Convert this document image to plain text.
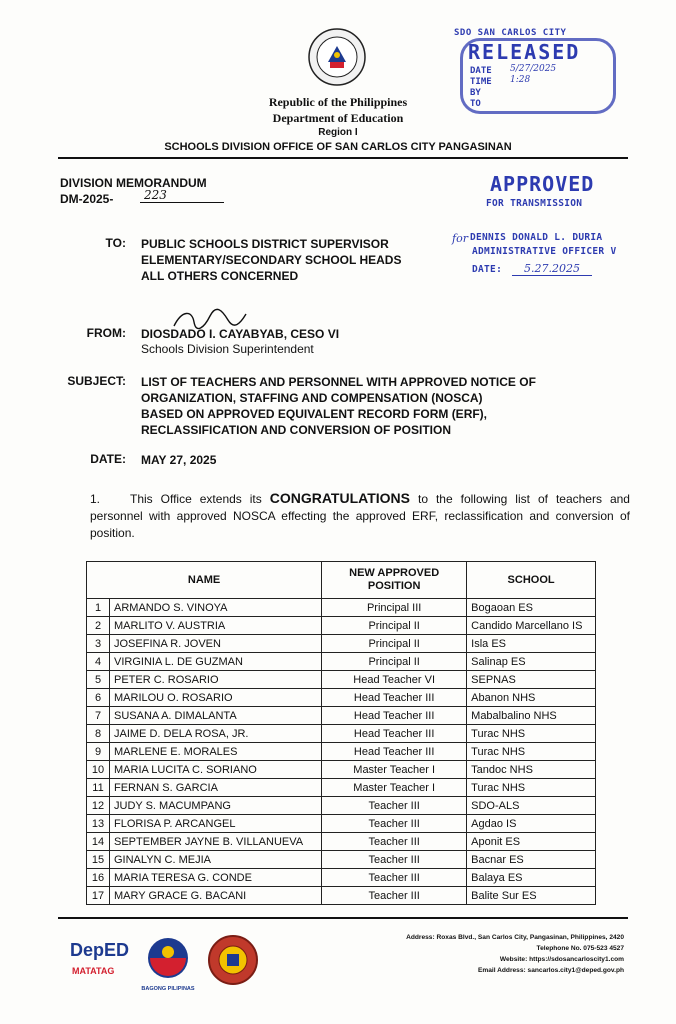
Republic of the Philippines
Department of Education
Region I
SCHOOLS DIVISION OFFICE OF SAN CARLOS CITY PANGASINAN
SDO SAN CARLOS CITY
RELEASED
DATE 5/27/2025
TIME 1:28
BY
TO
APPROVED
FOR TRANSMISSION
for DENNIS DONALD L. DURIA
ADMINISTRATIVE OFFICER V
DATE:	5.27.2025
DIVISION MEMORANDUM
DM-2025-	223
TO: PUBLIC SCHOOLS DISTRICT SUPERVISOR
ELEMENTARY/SECONDARY SCHOOL HEADS
ALL OTHERS CONCERNED
FROM: DIOSDADO I. CAYABYAB, CESO VI
Schools Division Superintendent
SUBJECT: LIST OF TEACHERS AND PERSONNEL WITH APPROVED NOTICE OF
ORGANIZATION, STAFFING AND COMPENSATION (NOSCA)
BASED ON APPROVED EQUIVALENT RECORD FORM (ERF),
RECLASSIFICATION AND CONVERSION OF POSITION
DATE: MAY 27, 2025
1. This Office extends its CONGRATULATIONS to the following list of teachers and personnel with approved NOSCA effecting the approved ERF, reclassification and conversion of position.
NAME		NEW APPROVED POSITION	SCHOOL
1	ARMANDO S. VINOYA	Principal III	Bogaoan ES
2	MARLITO V. AUSTRIA	Principal II	Candido Marcellano IS
3	JOSEFINA R. JOVEN	Principal II	Isla ES
4	VIRGINIA L. DE GUZMAN	Principal II	Salinap ES
5	PETER C. ROSARIO	Head Teacher VI	SEPNAS
6	MARILOU O. ROSARIO	Head Teacher III	Abanon NHS
7	SUSANA A. DIMALANTA	Head Teacher III	Mabalbalino NHS
8	JAIME D. DELA ROSA, JR.	Head Teacher III	Turac NHS
9	MARLENE E. MORALES	Head Teacher III	Turac NHS
10	MARIA LUCITA C. SORIANO	Master Teacher I	Tandoc NHS
11	FERNAN S. GARCIA	Master Teacher I	Turac NHS
12	JUDY S. MACUMPANG	Teacher III	SDO-ALS
13	FLORISA P. ARCANGEL	Teacher III	Agdao IS
14	SEPTEMBER JAYNE B. VILLANUEVA	Teacher III	Aponit ES
15	GINALYN C. MEJIA	Teacher III	Bacnar ES
16	MARIA TERESA G. CONDE	Teacher III	Balaya ES
17	MARY GRACE G. BACANI	Teacher III	Balite Sur ES
DepED
MATATAG
BAGONG PILIPINAS
Address: Roxas Blvd., San Carlos City, Pangasinan, Philippines, 2420
Telephone No. 075-523 4527
Website: https://sdosancarloscity1.com
Email Address: sancarlos.city1@deped.gov.ph
